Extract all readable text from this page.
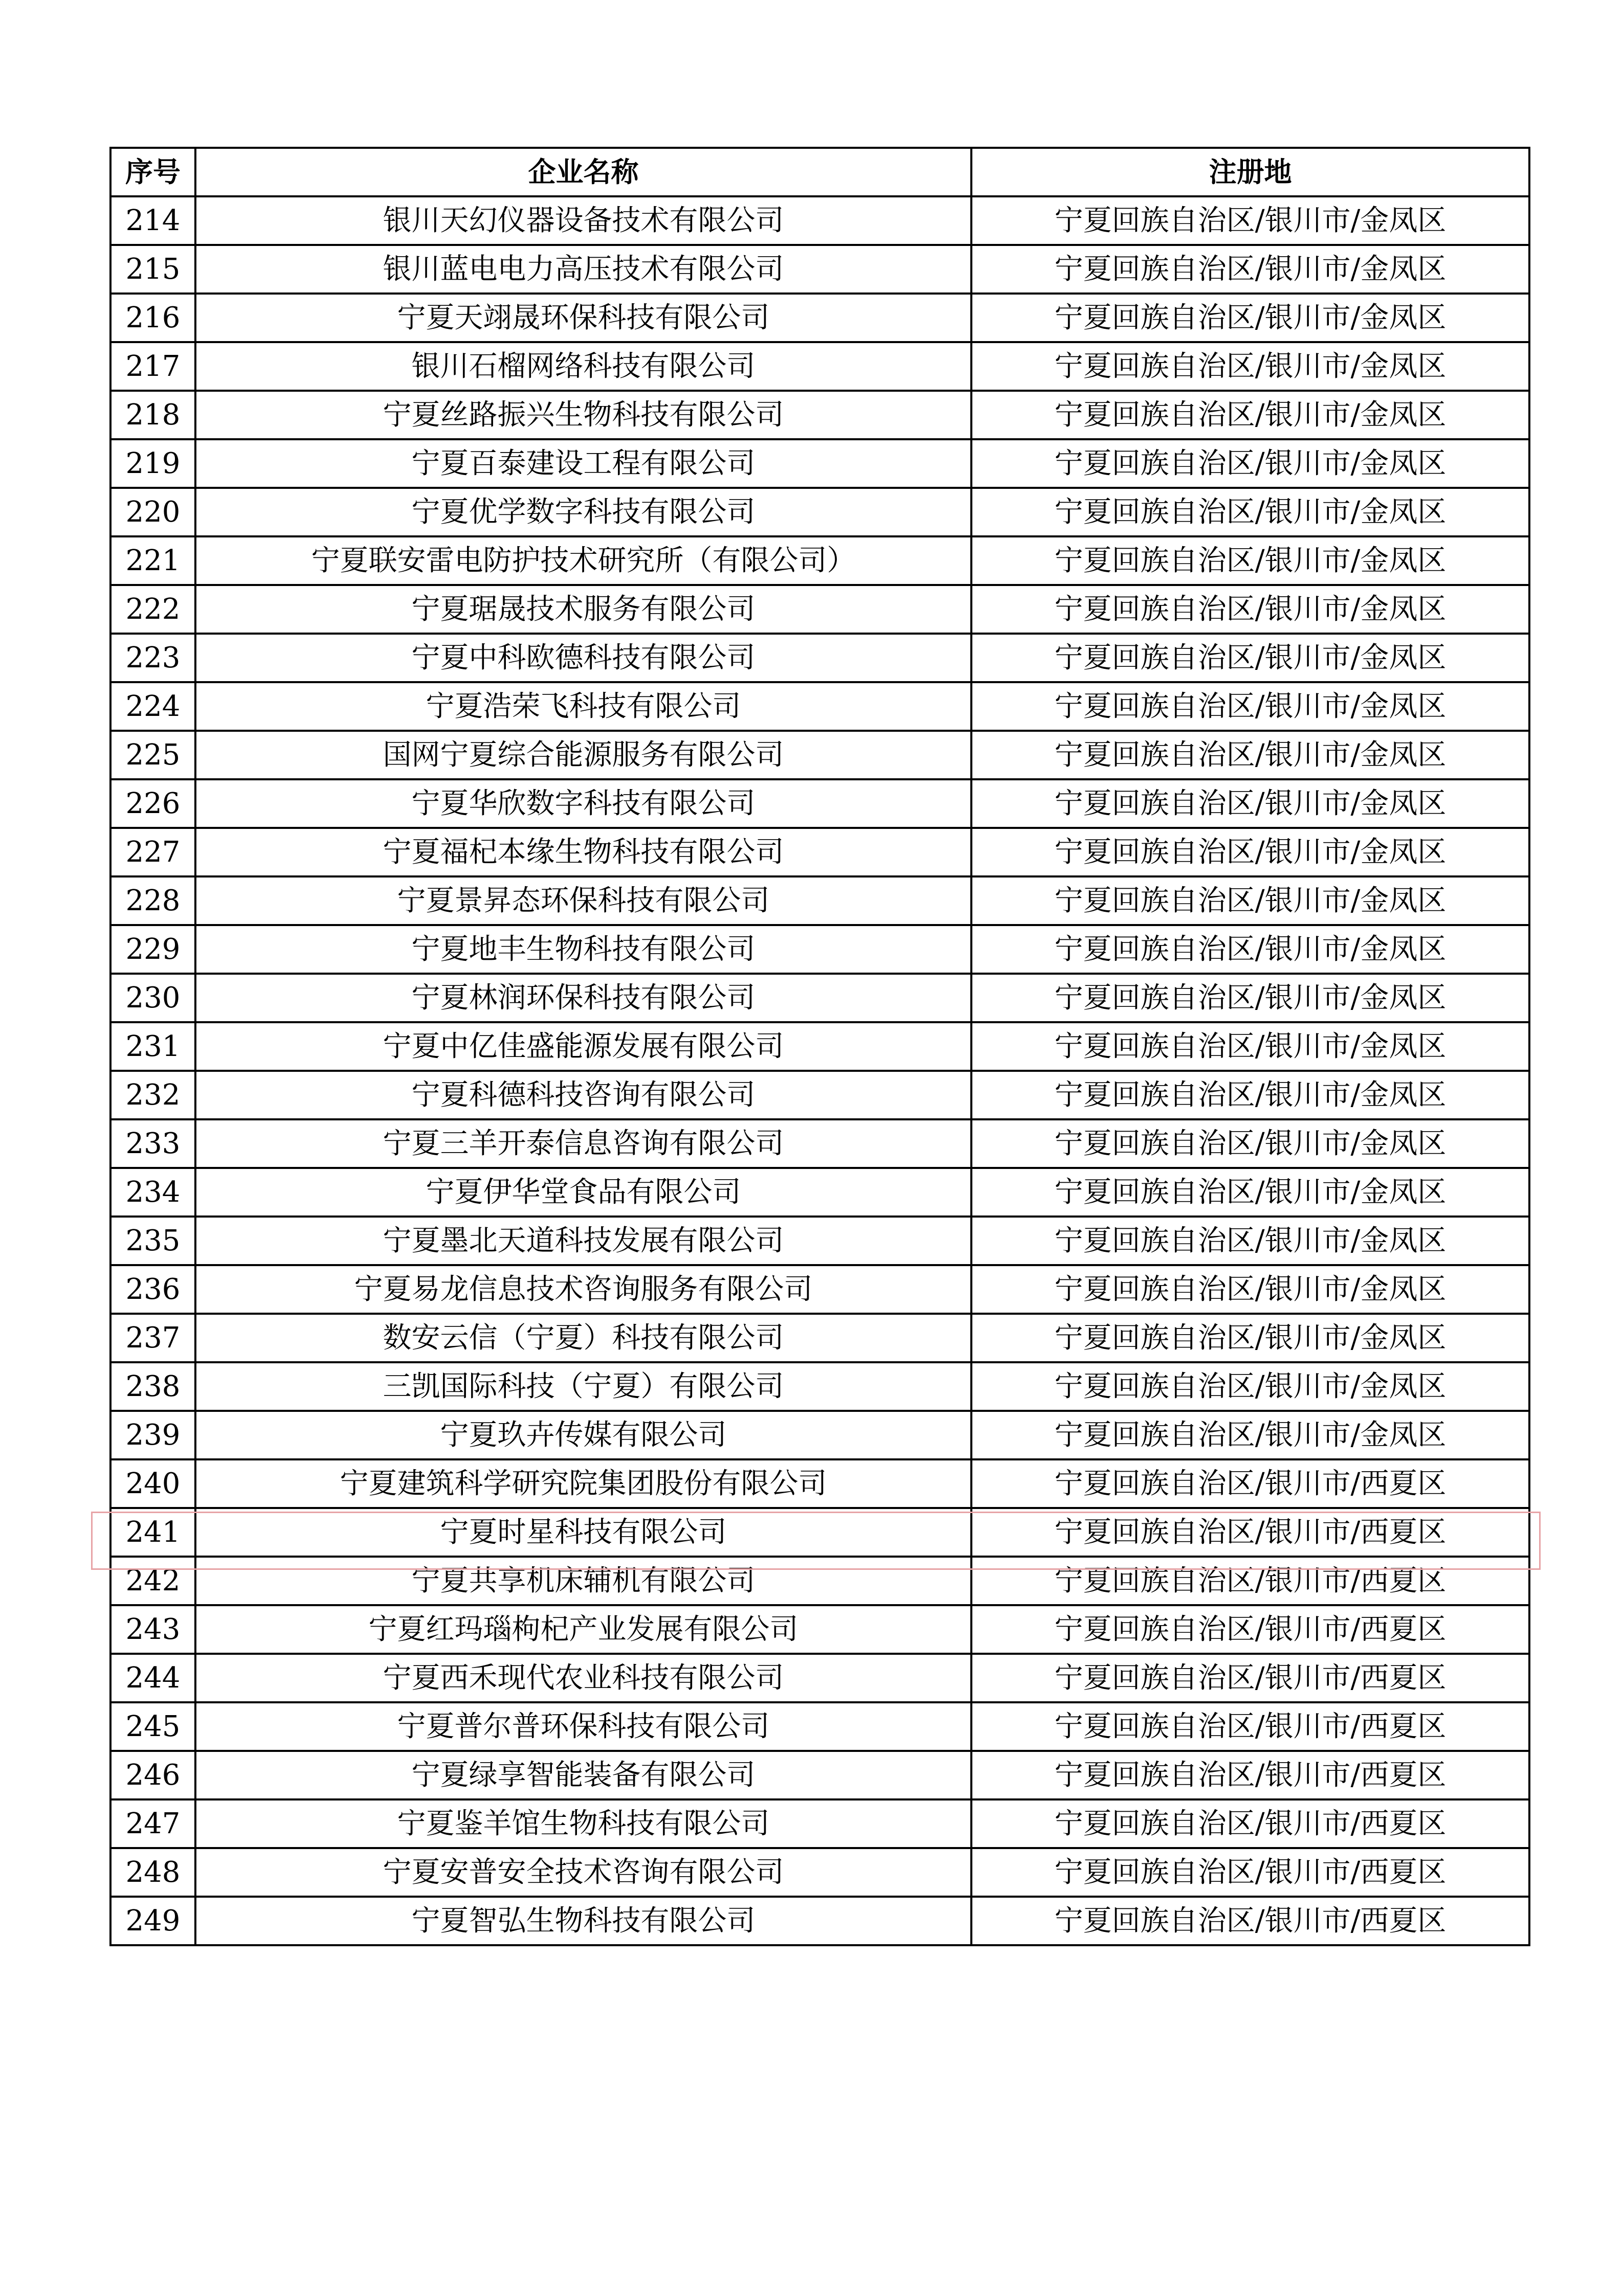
序号	企业名称	注册地
214	银川天幻仪器设备技术有限公司	宁夏回族自治区/银川市/金凤区
215	银川蓝电电力高压技术有限公司	宁夏回族自治区/银川市/金凤区
216	宁夏天翊晟环保科技有限公司	宁夏回族自治区/银川市/金凤区
217	银川石榴网络科技有限公司	宁夏回族自治区/银川市/金凤区
218	宁夏丝路振兴生物科技有限公司	宁夏回族自治区/银川市/金凤区
219	宁夏百泰建设工程有限公司	宁夏回族自治区/银川市/金凤区
220	宁夏优学数字科技有限公司	宁夏回族自治区/银川市/金凤区
221	宁夏联安雷电防护技术研究所（有限公司）	宁夏回族自治区/银川市/金凤区
222	宁夏琚晟技术服务有限公司	宁夏回族自治区/银川市/金凤区
223	宁夏中科欧德科技有限公司	宁夏回族自治区/银川市/金凤区
224	宁夏浩荣飞科技有限公司	宁夏回族自治区/银川市/金凤区
225	国网宁夏综合能源服务有限公司	宁夏回族自治区/银川市/金凤区
226	宁夏华欣数字科技有限公司	宁夏回族自治区/银川市/金凤区
227	宁夏福杞本缘生物科技有限公司	宁夏回族自治区/银川市/金凤区
228	宁夏景昇态环保科技有限公司	宁夏回族自治区/银川市/金凤区
229	宁夏地丰生物科技有限公司	宁夏回族自治区/银川市/金凤区
230	宁夏林润环保科技有限公司	宁夏回族自治区/银川市/金凤区
231	宁夏中亿佳盛能源发展有限公司	宁夏回族自治区/银川市/金凤区
232	宁夏科德科技咨询有限公司	宁夏回族自治区/银川市/金凤区
233	宁夏三羊开泰信息咨询有限公司	宁夏回族自治区/银川市/金凤区
234	宁夏伊华堂食品有限公司	宁夏回族自治区/银川市/金凤区
235	宁夏墨北天道科技发展有限公司	宁夏回族自治区/银川市/金凤区
236	宁夏易龙信息技术咨询服务有限公司	宁夏回族自治区/银川市/金凤区
237	数安云信（宁夏）科技有限公司	宁夏回族自治区/银川市/金凤区
238	三凯国际科技（宁夏）有限公司	宁夏回族自治区/银川市/金凤区
239	宁夏玖卉传媒有限公司	宁夏回族自治区/银川市/金凤区
240	宁夏建筑科学研究院集团股份有限公司	宁夏回族自治区/银川市/西夏区
241	宁夏时星科技有限公司	宁夏回族自治区/银川市/西夏区
242	宁夏共享机床辅机有限公司	宁夏回族自治区/银川市/西夏区
243	宁夏红玛瑙枸杞产业发展有限公司	宁夏回族自治区/银川市/西夏区
244	宁夏西禾现代农业科技有限公司	宁夏回族自治区/银川市/西夏区
245	宁夏普尔普环保科技有限公司	宁夏回族自治区/银川市/西夏区
246	宁夏绿享智能装备有限公司	宁夏回族自治区/银川市/西夏区
247	宁夏鉴羊馆生物科技有限公司	宁夏回族自治区/银川市/西夏区
248	宁夏安普安全技术咨询有限公司	宁夏回族自治区/银川市/西夏区
249	宁夏智弘生物科技有限公司	宁夏回族自治区/银川市/西夏区
